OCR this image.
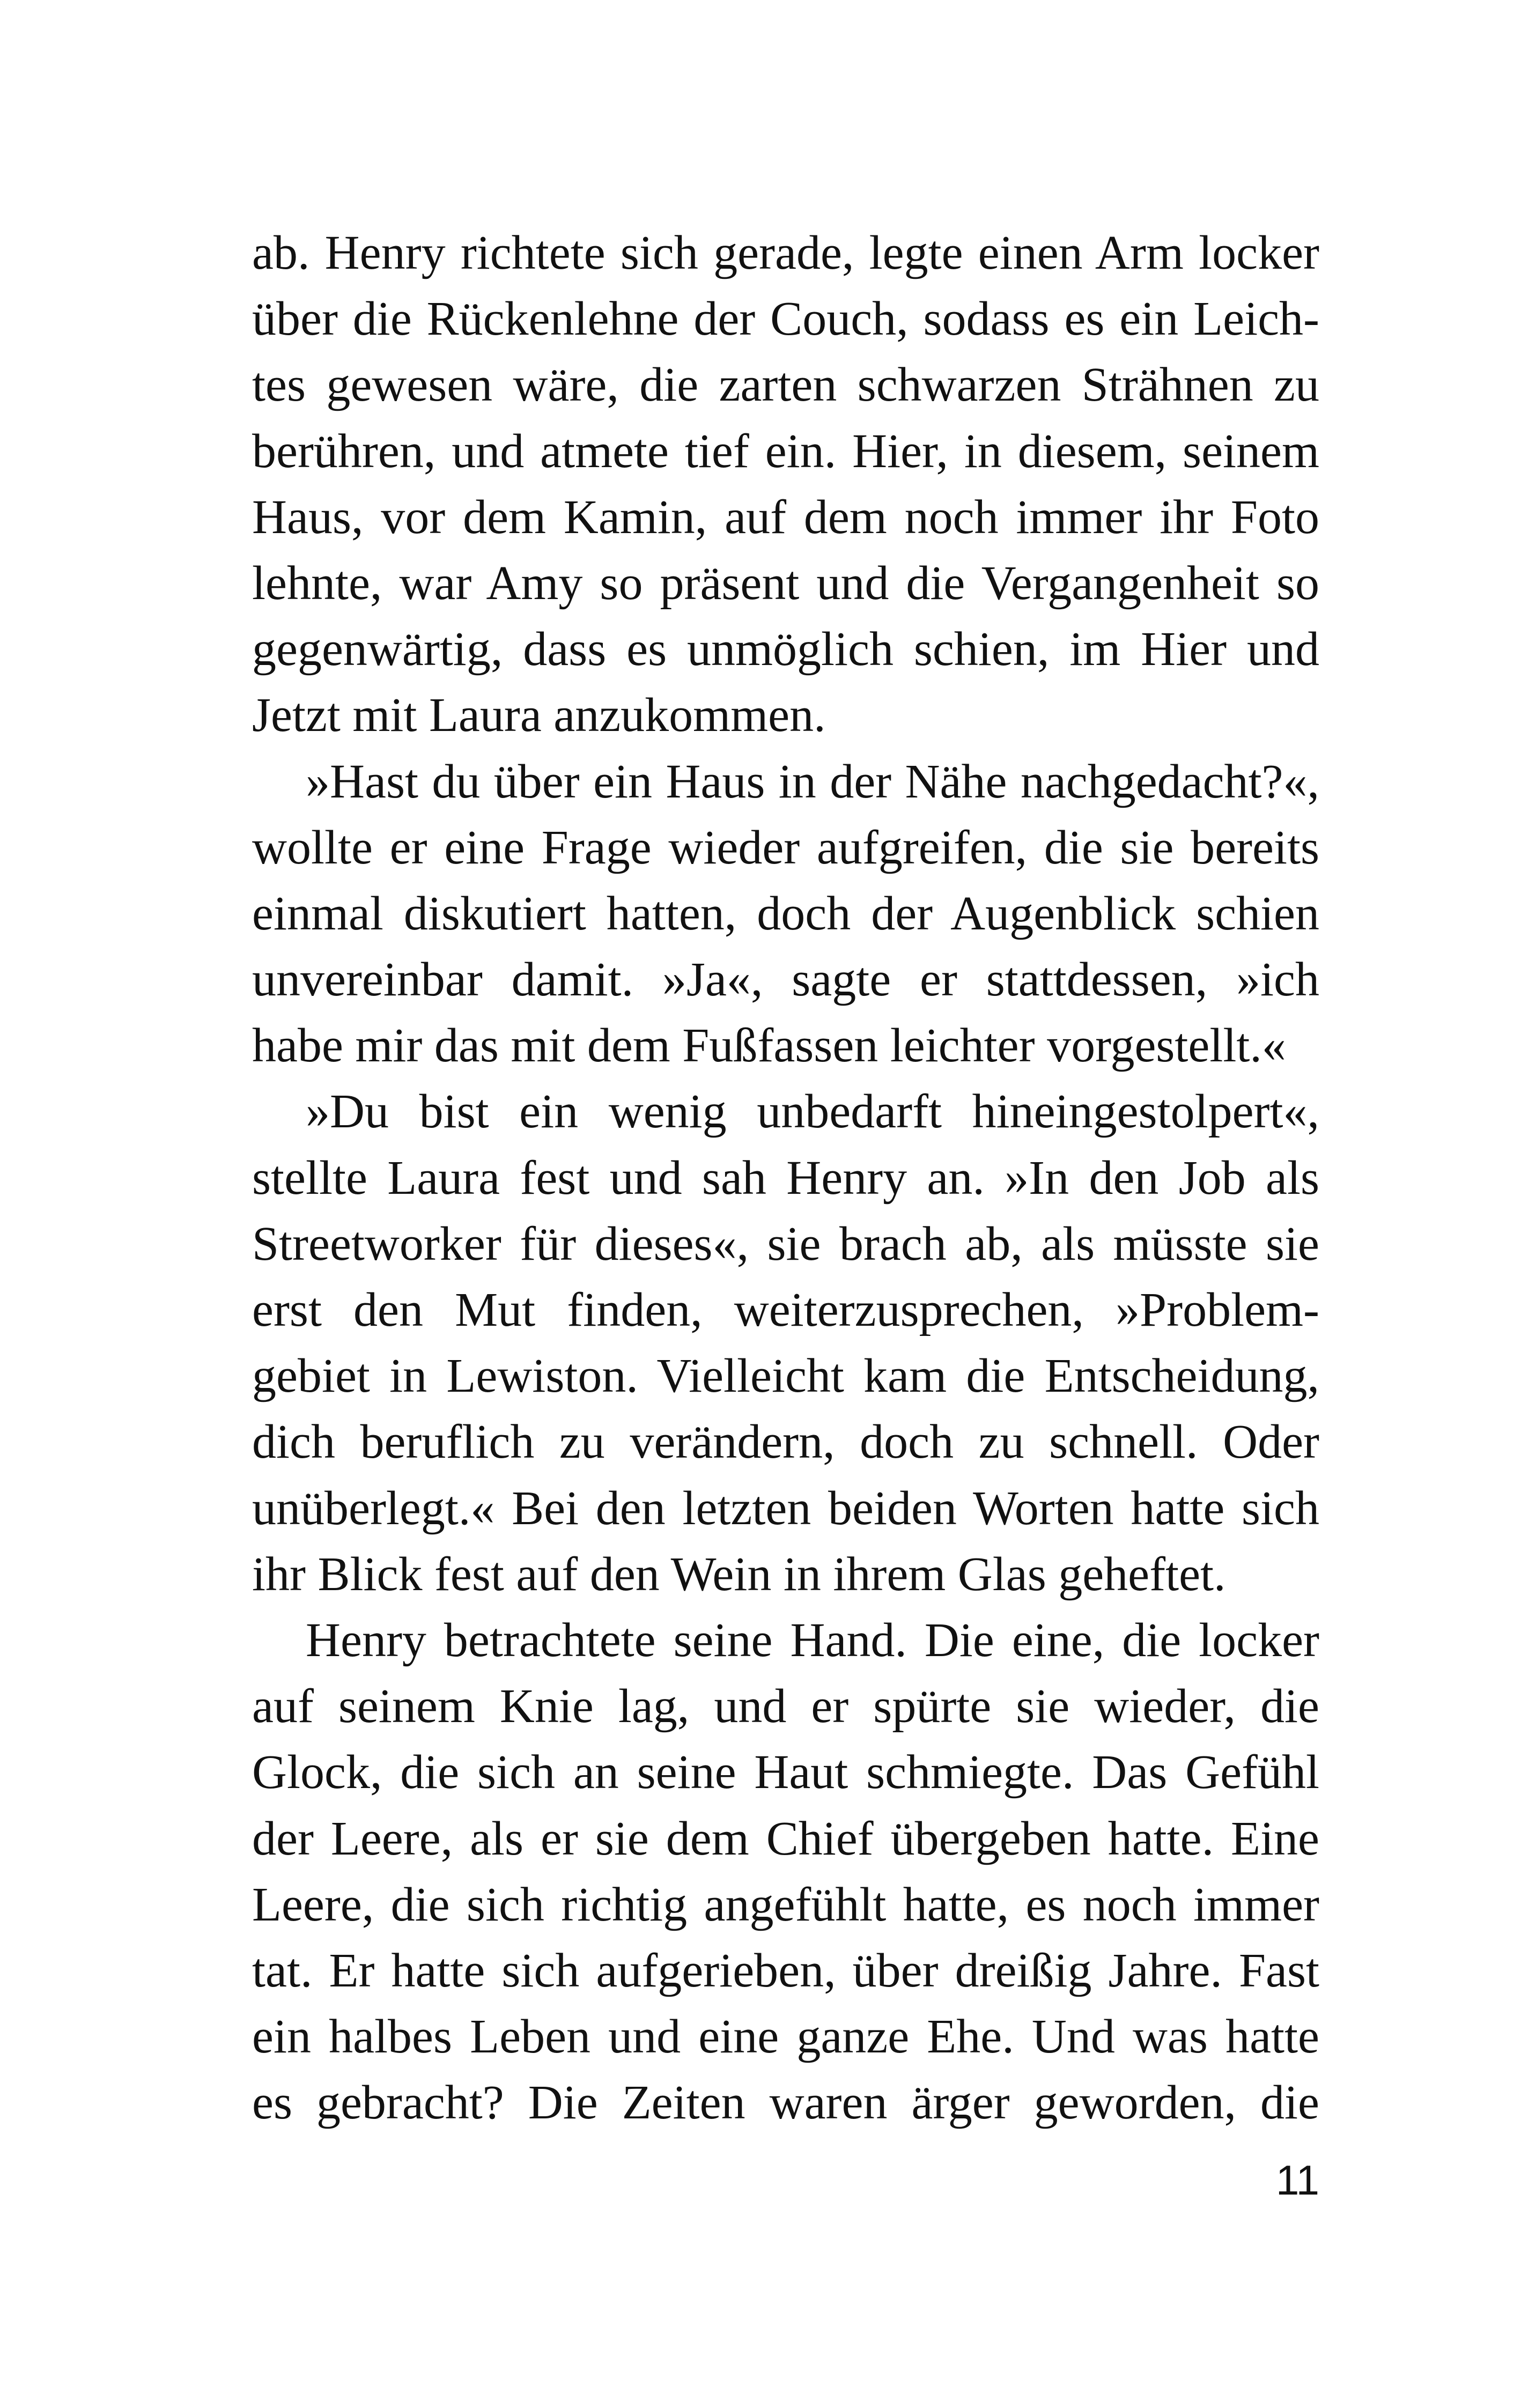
ab. Henry richtete sich gerade, legte einen Arm locker
über die Rückenlehne der Couch, sodass es ein Leich-
tes gewesen wäre, die zarten schwarzen Strähnen zu
berühren, und atmete tief ein. Hier, in diesem, seinem
Haus, vor dem Kamin, auf dem noch immer ihr Foto
lehnte, war Amy so präsent und die Vergangenheit so
gegenwärtig, dass es unmöglich schien, im Hier und
Jetzt mit Laura anzukommen.
»Hast du über ein Haus in der Nähe nachgedacht?«,
wollte er eine Frage wieder aufgreifen, die sie bereits
einmal diskutiert hatten, doch der Augenblick schien
unvereinbar damit. »Ja«, sagte er stattdessen, »ich
habe mir das mit dem Fußfassen leichter vorgestellt.«
»Du bist ein wenig unbedarft hineingestolpert«,
stellte Laura fest und sah Henry an. »In den Job als
Streetworker für dieses«, sie brach ab, als müsste sie
erst den Mut finden, weiterzusprechen, »Problem-
gebiet in Lewiston. Vielleicht kam die Entscheidung,
dich beruflich zu verändern, doch zu schnell. Oder
unüberlegt.« Bei den letzten beiden Worten hatte sich
ihr Blick fest auf den Wein in ihrem Glas geheftet.
Henry betrachtete seine Hand. Die eine, die locker
auf seinem Knie lag, und er spürte sie wieder, die
Glock, die sich an seine Haut schmiegte. Das Gefühl
der Leere, als er sie dem Chief übergeben hatte. Eine
Leere, die sich richtig angefühlt hatte, es noch immer
tat. Er hatte sich aufgerieben, über dreißig Jahre. Fast
ein halbes Leben und eine ganze Ehe. Und was hatte
es gebracht? Die Zeiten waren ärger geworden, die
11
